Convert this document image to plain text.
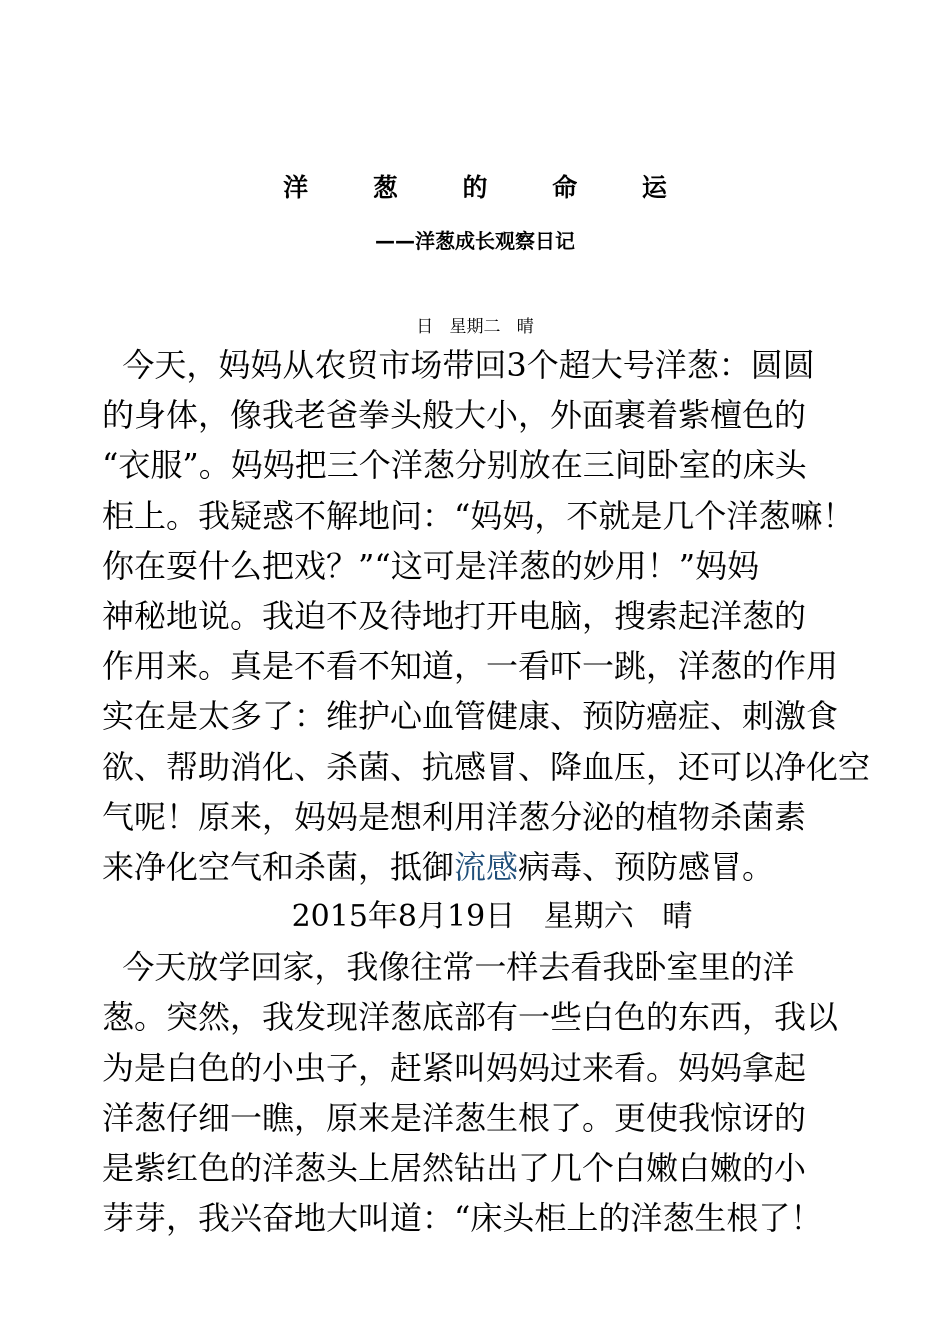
洋 葱 的 命 运
——洋葱成长观察日记
日   星期二   晴
今天，妈妈从农贸市场带回3个超大号洋葱：圆圆
的身体，像我老爸拳头般大小，外面裹着紫檀色的
“衣服”。妈妈把三个洋葱分别放在三间卧室的床头
柜上。我疑惑不解地问：“妈妈，不就是几个洋葱嘛！
你在耍什么把戏？”“这可是洋葱的妙用！”妈妈
神秘地说。我迫不及待地打开电脑，搜索起洋葱的
作用来。真是不看不知道，一看吓一跳，洋葱的作用
实在是太多了：维护心血管健康、预防癌症、刺激食
欲、帮助消化、杀菌、抗感冒、降血压，还可以净化空
气呢！原来，妈妈是想利用洋葱分泌的植物杀菌素
来净化空气和杀菌，抵御流感病毒、预防感冒。
2015年8月19日   星期六   晴
今天放学回家，我像往常一样去看我卧室里的洋
葱。突然，我发现洋葱底部有一些白色的东西，我以
为是白色的小虫子，赶紧叫妈妈过来看。妈妈拿起
洋葱仔细一瞧，原来是洋葱生根了。更使我惊讶的
是紫红色的洋葱头上居然钻出了几个白嫩白嫩的小
芽芽，我兴奋地大叫道：“床头柜上的洋葱生根了！
